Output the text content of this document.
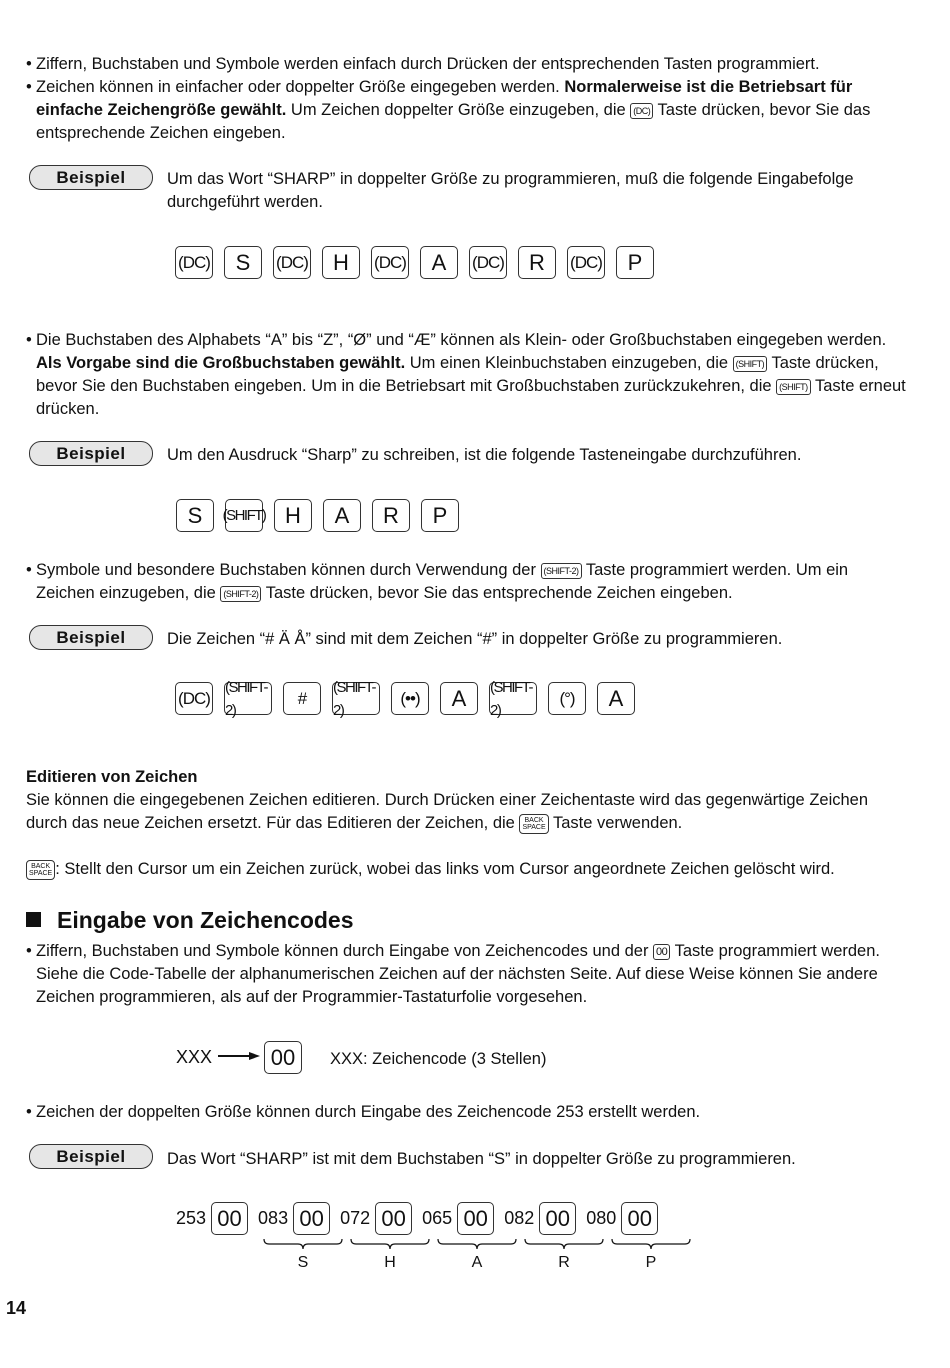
• Ziffern, Buchstaben und Symbole werden einfach durch Drücken der entsprechenden Tasten programmiert.
• Zeichen können in einfacher oder doppelter Größe eingegeben werden. Normalerweise ist die Betriebsart für einfache Zeichengröße gewählt. Um Zeichen doppelter Größe einzugeben, die (DC) Taste drücken, bevor Sie das entsprechende Zeichen eingeben.
Beispiel	Um das Wort “SHARP” in doppelter Größe zu programmieren, muß die folgende Eingabefolge durchgeführt werden.
(DC)	S	(DC)	H	(DC)	A	(DC)	R	(DC)	P
• Die Buchstaben des Alphabets “A” bis “Z”, “Ø” und “Æ” können als Klein- oder Großbuchstaben eingegeben werden. Als Vorgabe sind die Großbuchstaben gewählt. Um einen Kleinbuchstaben einzugeben, die (SHIFT) Taste drücken, bevor Sie den Buchstaben eingeben. Um in die Betriebsart mit Großbuchstaben zurückzukehren, die (SHIFT) Taste erneut drücken.
Beispiel	Um den Ausdruck “Sharp” zu schreiben, ist die folgende Tasteneingabe durchzuführen.
S	(SHIFT) H	A	R	P
• Symbole und besondere Buchstaben können durch Verwendung der (SHIFT-2) Taste programmiert werden. Um ein Zeichen einzugeben, die (SHIFT-2) Taste drücken, bevor Sie das entsprechende Zeichen eingeben.
Beispiel	Die Zeichen “# Ä Å” sind mit dem Zeichen “#” in doppelter Größe zu programmieren.
(DC)
(SHIFT-2)
#
(SHIFT-2)
(••)	A	(SHIFT-2)
(°)	A
Editieren von Zeichen
Sie können die eingegebenen Zeichen editieren. Durch Drücken einer Zeichentaste wird das gegenwärtige Zeichen durch das neue Zeichen ersetzt. Für das Editieren der Zeichen, die BACK
SPACE Taste verwenden.
BACK
SPACE : Stellt den Cursor um ein Zeichen zurück, wobei das links vom Cursor angeordnete Zeichen gelöscht wird.
Eingabe von Zeichencodes
• Ziffern, Buchstaben und Symbole können durch Eingabe von Zeichencodes und der 00 Taste programmiert werden. Siehe die Code-Tabelle der alphanumerischen Zeichen auf der nächsten Seite. Auf diese Weise können Sie andere Zeichen programmieren, als auf der Programmier-Tastaturfolie vorgesehen.
XXX	00	XXX: Zeichencode (3 Stellen)
• Zeichen der doppelten Größe können durch Eingabe des Zeichencode 253 erstellt werden.
Beispiel	Das Wort “SHARP” ist mit dem Buchstaben “S” in doppelter Größe zu programmieren.
253 00 083 00 072 00 065 00 082 00 080 00
S	H	A	R	P
14
